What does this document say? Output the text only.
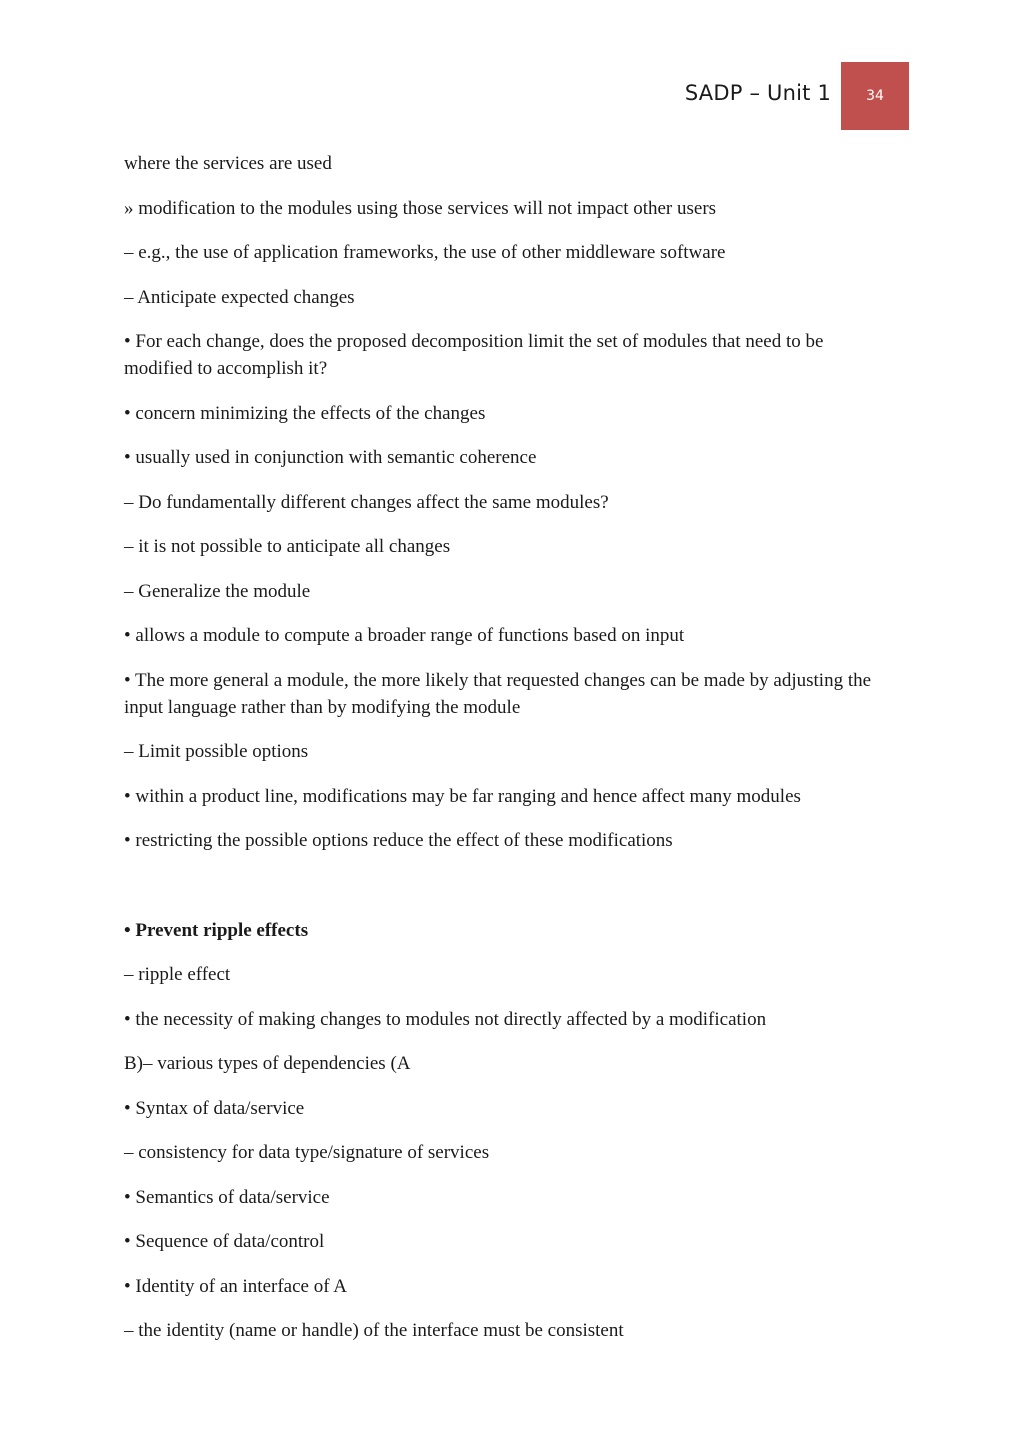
SADP – Unit 1	34

where the services are used

» modification to the modules using those services will not impact other users

– e.g., the use of application frameworks, the use of other middleware software

– Anticipate expected changes

• For each change, does the proposed decomposition limit the set of modules that need to be modified to accomplish it?

• concern minimizing the effects of the changes

• usually used in conjunction with semantic coherence

– Do fundamentally different changes affect the same modules?

– it is not possible to anticipate all changes

– Generalize the module

• allows a module to compute a broader range of functions based on input

• The more general a module, the more likely that requested changes can be made by adjusting the input language rather than by modifying the module

– Limit possible options

• within a product line, modifications may be far ranging and hence affect many modules

• restricting the possible options reduce the effect of these modifications

• Prevent ripple effects

– ripple effect

• the necessity of making changes to modules not directly affected by a modification

B)– various types of dependencies (A

• Syntax of data/service

– consistency for data type/signature of services

• Semantics of data/service

• Sequence of data/control

• Identity of an interface of A

– the identity (name or handle) of the interface must be consistent
